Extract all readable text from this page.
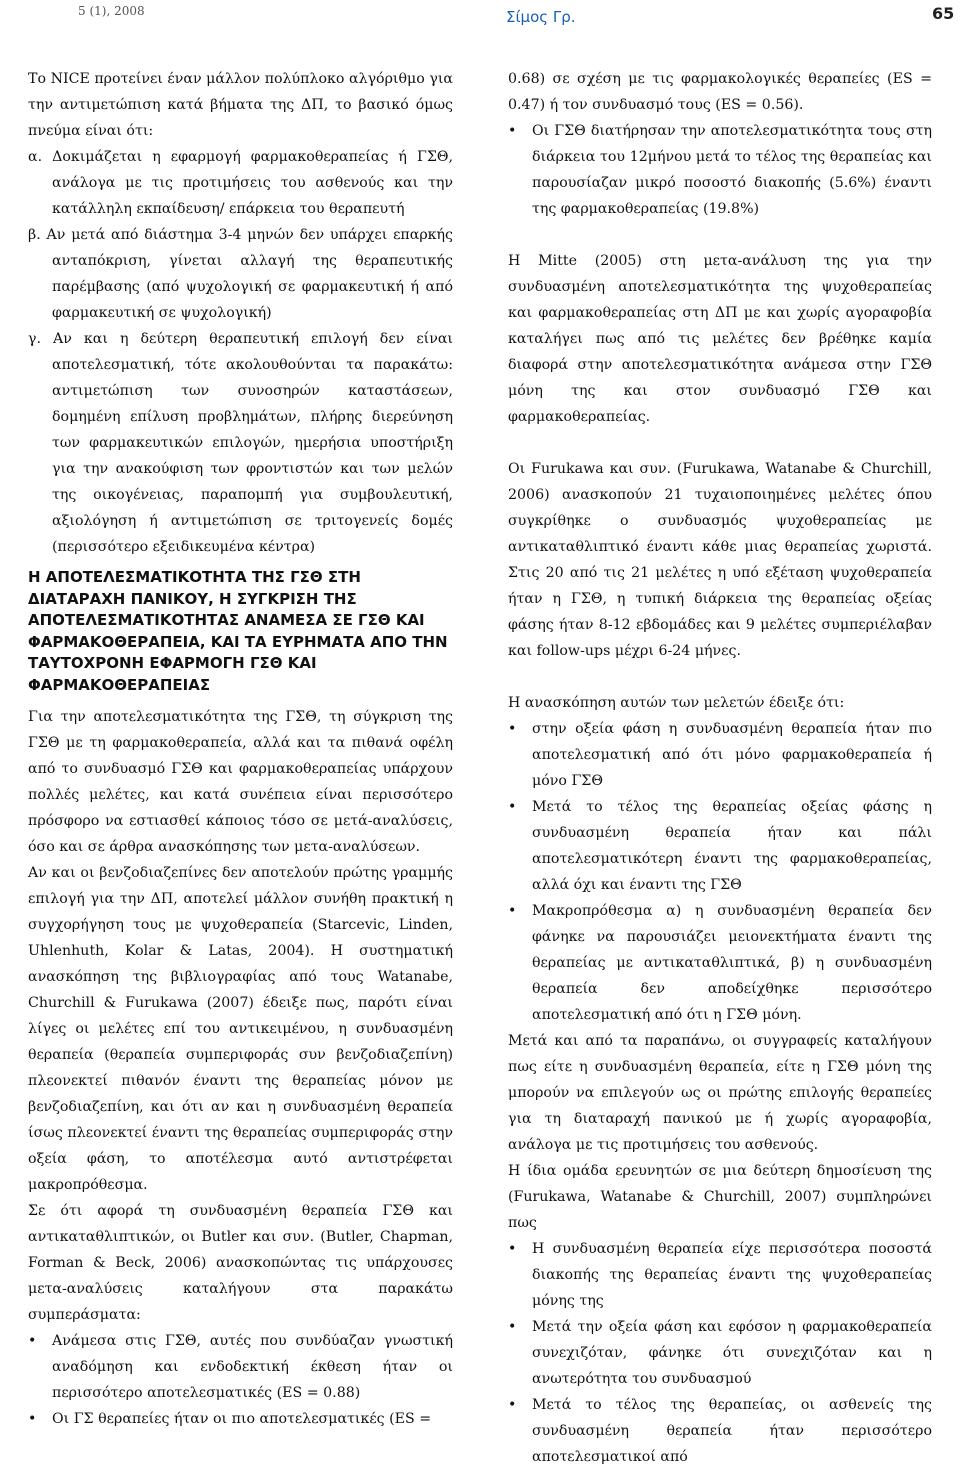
5 (1), 2008	Σίμος Γρ.	65

Το NICE προτείνει έναν μάλλον πολύπλοκο αλγόριθμο για την αντιμετώπιση κατά βήματα της ΔΠ, το βασικό όμως πνεύμα είναι ότι:

α. Δοκιμάζεται η εφαρμογή φαρμακοθεραπείας ή ΓΣΘ, ανάλογα με τις προτιμήσεις του ασθενούς και την κατάλληλη εκπαίδευση/ επάρκεια του θεραπευτή

β. Αν μετά από διάστημα 3-4 μηνών δεν υπάρχει επαρκής ανταπόκριση, γίνεται αλλαγή της θεραπευτικής παρέμβασης (από ψυχολογική σε φαρμακευτική ή από φαρμακευτική σε ψυχολογική)

γ. Αν και η δεύτερη θεραπευτική επιλογή δεν είναι αποτελεσματική, τότε ακολουθούνται τα παρακάτω: αντιμετώπιση των συνοσηρών καταστάσεων, δομημένη επίλυση προβλημάτων, πλήρης διερεύνηση των φαρμακευτικών επιλογών, ημερήσια υποστήριξη για την ανακούφιση των φροντιστών και των μελών της οικογένειας, παραπομπή για συμβουλευτική, αξιολόγηση ή αντιμετώπιση σε τριτογενείς δομές (περισσότερο εξειδικευμένα κέντρα)

Η ΑΠΟΤΕΛΕΣΜΑΤΙΚΟΤΗΤΑ ΤΗΣ ΓΣΘ ΣΤΗ ΔΙΑΤΑΡΑΧΗ ΠΑΝΙΚΟΥ, Η ΣΥΓΚΡΙΣΗ ΤΗΣ ΑΠΟΤΕΛΕΣΜΑΤΙΚΟΤΗΤΑΣ ΑΝΑΜΕΣΑ ΣΕ ΓΣΘ ΚΑΙ ΦΑΡΜΑΚΟΘΕΡΑΠΕΙΑ, ΚΑΙ ΤΑ ΕΥΡΗΜΑΤΑ ΑΠΟ ΤΗΝ ΤΑΥΤΟΧΡΟΝΗ ΕΦΑΡΜΟΓΗ ΓΣΘ ΚΑΙ ΦΑΡΜΑΚΟΘΕΡΑΠΕΙΑΣ

Για την αποτελεσματικότητα της ΓΣΘ, τη σύγκριση της ΓΣΘ με τη φαρμακοθεραπεία, αλλά και τα πιθανά οφέλη από το συνδυασμό ΓΣΘ και φαρμακοθεραπείας υπάρχουν πολλές μελέτες, και κατά συνέπεια είναι περισσότερο πρόσφορο να εστιασθεί κάποιος τόσο σε μετά-αναλύσεις, όσο και σε άρθρα ανασκόπησης των μετα-αναλύσεων.

Αν και οι βενζοδιαζεπίνες δεν αποτελούν πρώτης γραμμής επιλογή για την ΔΠ, αποτελεί μάλλον συνήθη πρακτική η συγχορήγηση τους με ψυχοθεραπεία (Starcevic, Linden, Uhlenhuth, Kolar & Latas, 2004). Η συστηματική ανασκόπηση της βιβλιογραφίας από τους Watanabe, Churchill & Furukawa (2007) έδειξε πως, παρότι είναι λίγες οι μελέτες επί του αντικειμένου, η συνδυασμένη θεραπεία (θεραπεία συμπεριφοράς συν βενζοδιαζεπίνη) πλεονεκτεί πιθανόν έναντι της θεραπείας μόνον με βενζοδιαζεπίνη, και ότι αν και η συνδυασμένη θεραπεία ίσως πλεονεκτεί έναντι της θεραπείας συμπεριφοράς στην οξεία φάση, το αποτέλεσμα αυτό αντιστρέφεται μακροπρόθεσμα.

Σε ότι αφορά τη συνδυασμένη θεραπεία ΓΣΘ και αντικαταθλιπτικών, οι Butler και συν. (Butler, Chapman, Forman & Beck, 2006) ανασκοπώντας τις υπάρχουσες μετα-αναλύσεις καταλήγουν στα παρακάτω συμπεράσματα:

• Ανάμεσα στις ΓΣΘ, αυτές που συνδύαζαν γνωστική αναδόμηση και ενδοδεκτική έκθεση ήταν οι περισσότερο αποτελεσματικές (ES = 0.88)
• Οι ΓΣ θεραπείες ήταν οι πιο αποτελεσματικές (ES =

0.68) σε σχέση με τις φαρμακολογικές θεραπείες (ES = 0.47) ή τον συνδυασμό τους (ES = 0.56).

• Οι ΓΣΘ διατήρησαν την αποτελεσματικότητα τους στη διάρκεια του 12μήνου μετά το τέλος της θεραπείας και παρουσίαζαν μικρό ποσοστό διακοπής (5.6%) έναντι της φαρμακοθεραπείας (19.8%)

Η Mitte (2005) στη μετα-ανάλυση της για την συνδυασμένη αποτελεσματικότητα της ψυχοθεραπείας και φαρμακοθεραπείας στη ΔΠ με και χωρίς αγοραφοβία καταλήγει πως από τις μελέτες δεν βρέθηκε καμία διαφορά στην αποτελεσματικότητα ανάμεσα στην ΓΣΘ μόνη της και στον συνδυασμό ΓΣΘ και φαρμακοθεραπείας.

Οι Furukawa και συν. (Furukawa, Watanabe & Churchill, 2006) ανασκοπούν 21 τυχαιοποιημένες μελέτες όπου συγκρίθηκε ο συνδυασμός ψυχοθεραπείας με αντικαταθλιπτικό έναντι κάθε μιας θεραπείας χωριστά. Στις 20 από τις 21 μελέτες η υπό εξέταση ψυχοθεραπεία ήταν η ΓΣΘ, η τυπική διάρκεια της θεραπείας οξείας φάσης ήταν 8-12 εβδομάδες και 9 μελέτες συμπεριέλαβαν και follow-ups μέχρι 6-24 μήνες.

Η ανασκόπηση αυτών των μελετών έδειξε ότι:

• στην οξεία φάση η συνδυασμένη θεραπεία ήταν πιο αποτελεσματική από ότι μόνο φαρμακοθεραπεία ή μόνο ΓΣΘ
• Μετά το τέλος της θεραπείας οξείας φάσης η συνδυασμένη θεραπεία ήταν και πάλι αποτελεσματικότερη έναντι της φαρμακοθεραπείας, αλλά όχι και έναντι της ΓΣΘ
• Μακροπρόθεσμα α) η συνδυασμένη θεραπεία δεν φάνηκε να παρουσιάζει μειονεκτήματα έναντι της θεραπείας με αντικαταθλιπτικά, β) η συνδυασμένη θεραπεία δεν αποδείχθηκε περισσότερο αποτελεσματική από ότι η ΓΣΘ μόνη.

Μετά και από τα παραπάνω, οι συγγραφείς καταλήγουν πως είτε η συνδυασμένη θεραπεία, είτε η ΓΣΘ μόνη της μπορούν να επιλεγούν ως οι πρώτης επιλογής θεραπείες για τη διαταραχή πανικού με ή χωρίς αγοραφοβία, ανάλογα με τις προτιμήσεις του ασθενούς.

Η ίδια ομάδα ερευνητών σε μια δεύτερη δημοσίευση της (Furukawa, Watanabe & Churchill, 2007) συμπληρώνει πως

• Η συνδυασμένη θεραπεία είχε περισσότερα ποσοστά διακοπής της θεραπείας έναντι της ψυχοθεραπείας μόνης της
• Μετά την οξεία φάση και εφόσον η φαρμακοθεραπεία συνεχιζόταν, φάνηκε ότι συνεχιζόταν και η ανωτερότητα του συνδυασμού
• Μετά το τέλος της θεραπείας, οι ασθενείς της συνδυασμένη θεραπεία ήταν περισσότερο αποτελεσματικοί από
